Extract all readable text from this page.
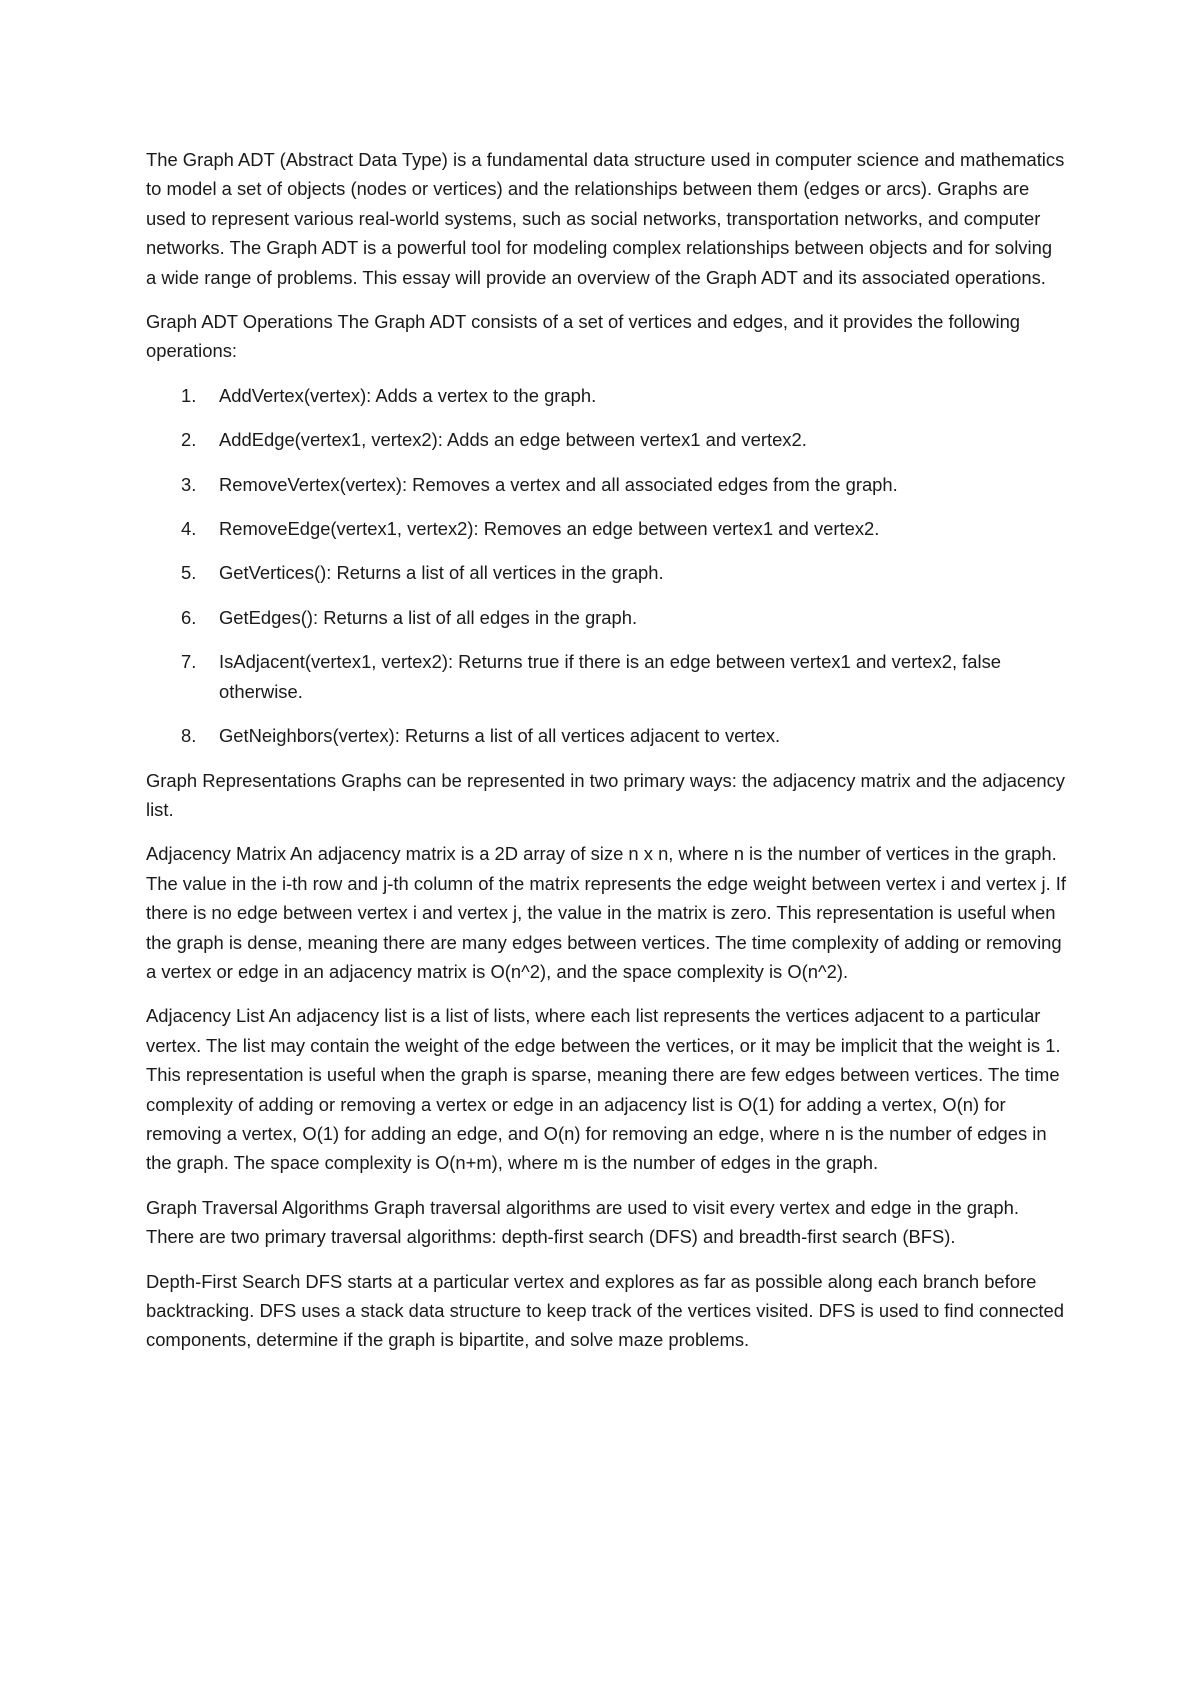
The Graph ADT (Abstract Data Type) is a fundamental data structure used in computer science and mathematics to model a set of objects (nodes or vertices) and the relationships between them (edges or arcs). Graphs are used to represent various real-world systems, such as social networks, transportation networks, and computer networks. The Graph ADT is a powerful tool for modeling complex relationships between objects and for solving a wide range of problems. This essay will provide an overview of the Graph ADT and its associated operations.

Graph ADT Operations The Graph ADT consists of a set of vertices and edges, and it provides the following operations:

1. AddVertex(vertex): Adds a vertex to the graph.
2. AddEdge(vertex1, vertex2): Adds an edge between vertex1 and vertex2.
3. RemoveVertex(vertex): Removes a vertex and all associated edges from the graph.
4. RemoveEdge(vertex1, vertex2): Removes an edge between vertex1 and vertex2.
5. GetVertices(): Returns a list of all vertices in the graph.
6. GetEdges(): Returns a list of all edges in the graph.
7. IsAdjacent(vertex1, vertex2): Returns true if there is an edge between vertex1 and vertex2, false otherwise.
8. GetNeighbors(vertex): Returns a list of all vertices adjacent to vertex.

Graph Representations Graphs can be represented in two primary ways: the adjacency matrix and the adjacency list.

Adjacency Matrix An adjacency matrix is a 2D array of size n x n, where n is the number of vertices in the graph. The value in the i-th row and j-th column of the matrix represents the edge weight between vertex i and vertex j. If there is no edge between vertex i and vertex j, the value in the matrix is zero. This representation is useful when the graph is dense, meaning there are many edges between vertices. The time complexity of adding or removing a vertex or edge in an adjacency matrix is O(n^2), and the space complexity is O(n^2).

Adjacency List An adjacency list is a list of lists, where each list represents the vertices adjacent to a particular vertex. The list may contain the weight of the edge between the vertices, or it may be implicit that the weight is 1. This representation is useful when the graph is sparse, meaning there are few edges between vertices. The time complexity of adding or removing a vertex or edge in an adjacency list is O(1) for adding a vertex, O(n) for removing a vertex, O(1) for adding an edge, and O(n) for removing an edge, where n is the number of edges in the graph. The space complexity is O(n+m), where m is the number of edges in the graph.

Graph Traversal Algorithms Graph traversal algorithms are used to visit every vertex and edge in the graph. There are two primary traversal algorithms: depth-first search (DFS) and breadth-first search (BFS).

Depth-First Search DFS starts at a particular vertex and explores as far as possible along each branch before backtracking. DFS uses a stack data structure to keep track of the vertices visited. DFS is used to find connected components, determine if the graph is bipartite, and solve maze problems.
